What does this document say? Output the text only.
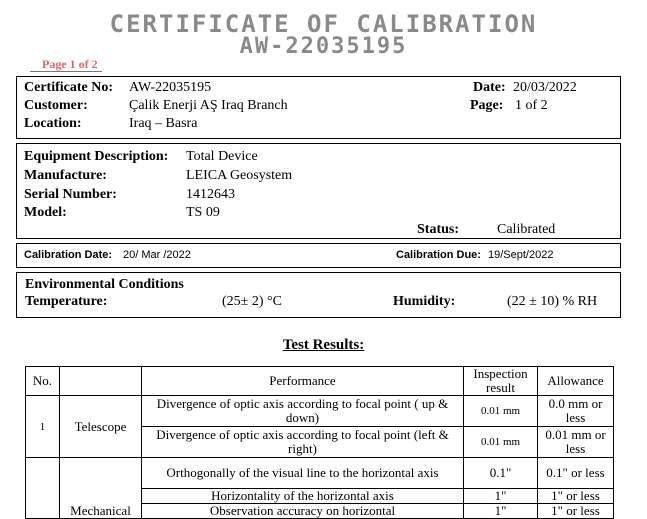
CERTIFICATE OF CALIBRATION
AW-22035195
Page 1 of 2
Certificate No: AW-22035195
Customer:	Çalik Enerji AŞ Iraq Branch
Location:	Iraq – Basra
Date: 20/03/2022
Page: 1 of 2
Equipment Description: Total Device
Manufacture:	LEICA Geosystem
Serial Number:	1412643
Model:	TS 09
Status:	Calibrated
Calibration Date: 20/ Mar /2022	Calibration Due: 19/Sept/2022
Environmental Conditions
Temperature:	(25± 2) °C	Humidity:	(22 ± 10) % RH
Test Results:
No.		Performance	Inspection result	Allowance
1	Telescope	Divergence of optic axis according to focal point ( up & down)	0.01 mm	0.0 mm or less
		Divergence of optic axis according to focal point (left & right)	0.01 mm	0.01 mm or less
	Mechanical	Orthogonally of the visual line to the horizontal axis	0.1"	0.1" or less
		Horizontality of the horizontal axis	1"	1" or less
		Observation accuracy on horizontal	1"	1" or less
